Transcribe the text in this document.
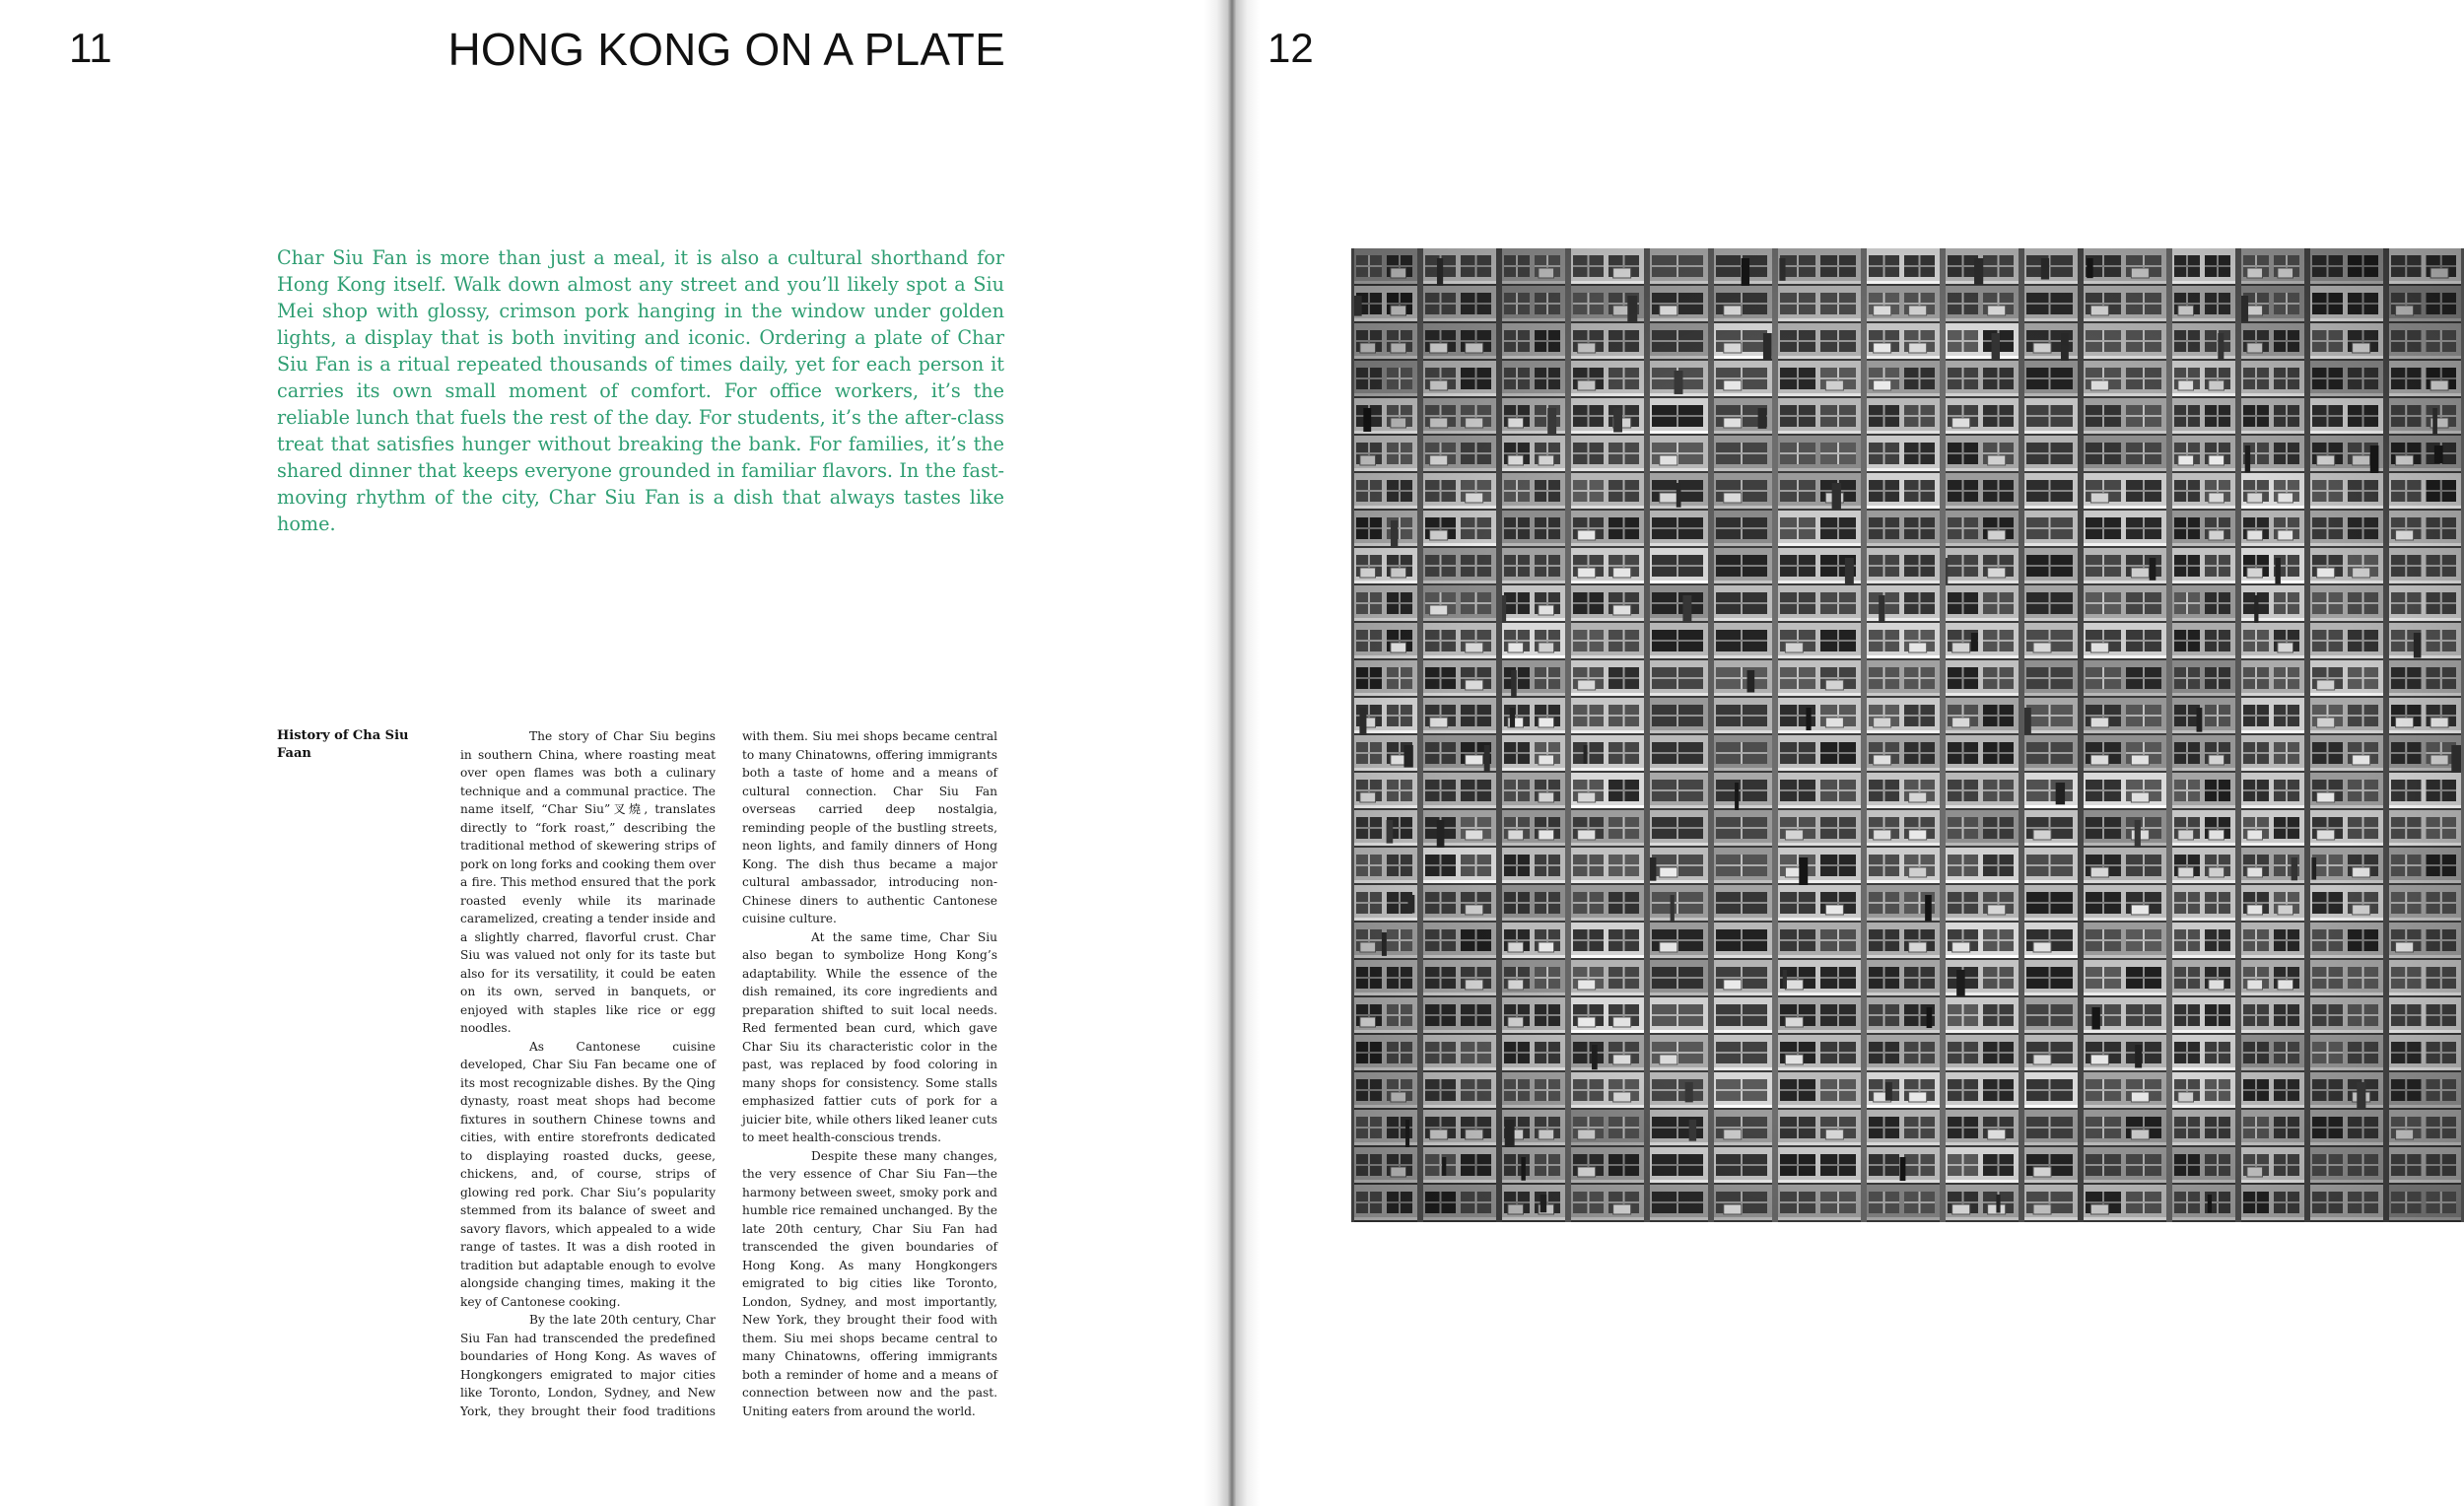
11	HONG KONG ON A PLATE
Char Siu Fan is more than just a meal, it is also a cultural shorthand for Hong Kong itself. Walk down almost any street and you’ll likely spot a Siu Mei shop with glossy, crimson pork hanging in the window under golden lights, a display that is both inviting and iconic. Ordering a plate of Char Siu Fan is a ritual repeated thousands of times daily, yet for each person it carries its own small moment of comfort. For office workers, it’s the reliable lunch that fuels the rest of the day. For students, it’s the after-class treat that satisfies hunger without breaking the bank. For families, it’s the shared dinner that keeps everyone grounded in familiar flavors. In the fast-moving rhythm of the city, Char Siu Fan is a dish that always tastes like home.
History of Cha Siu Faan

The story of Char Siu begins in southern China, where roasting meat over open flames was both a culinary technique and a communal practice. The name itself, “Char Siu”叉燒, translates directly to “fork roast,” describing the traditional method of skewering strips of pork on long forks and cooking them over a fire. This method ensured that the pork roasted evenly while its marinade caramelized, creating a tender inside and a slightly charred, flavorful crust. Char Siu was valued not only for its taste but also for its versatility, it could be eaten on its own, served in banquets, or enjoyed with staples like rice or egg noodles.

As Cantonese cuisine developed, Char Siu Fan became one of its most recognizable dishes. By the Qing dynasty, roast meat shops had become fixtures in southern Chinese towns and cities, with entire storefronts dedicated to displaying roasted ducks, geese, chickens, and, of course, strips of glowing red pork. Char Siu’s popularity stemmed from its balance of sweet and savory flavors, which appealed to a wide range of tastes. It was a dish rooted in tradition but adaptable enough to evolve alongside changing times, making it the key of Cantonese cooking.

By the late 20th century, Char Siu Fan had transcended the predefined boundaries of Hong Kong. As waves of Hongkongers emigrated to major cities like Toronto, London, Sydney, and New York, they brought their food traditions with them. Siu mei shops became central to many Chinatowns, offering immigrants both a taste of home and a means of cultural connection. Char Siu Fan overseas carried deep nostalgia, reminding people of the bustling streets, neon lights, and family dinners of Hong Kong. The dish thus became a major cultural ambassador, introducing non-Chinese diners to authentic Cantonese cuisine culture.

At the same time, Char Siu also began to symbolize Hong Kong’s adaptability. While the essence of the dish remained, its core ingredients and preparation shifted to suit local needs. Red fermented bean curd, which gave Char Siu its characteristic color in the past, was replaced by food coloring in many shops for consistency. Some stalls emphasized fattier cuts of pork for a juicier bite, while others liked leaner cuts to meet health-conscious trends.

Despite these many changes, the very essence of Char Siu Fan—the harmony between sweet, smoky pork and humble rice remained unchanged. By the late 20th century, Char Siu Fan had transcended the given boundaries of Hong Kong. As many Hongkongers emigrated to big cities like Toronto, London, Sydney, and most importantly, New York, they brought their food with them. Siu mei shops became central to many Chinatowns, offering immigrants both a reminder of home and a means of connection between now and the past. Uniting eaters from around the world.

12
